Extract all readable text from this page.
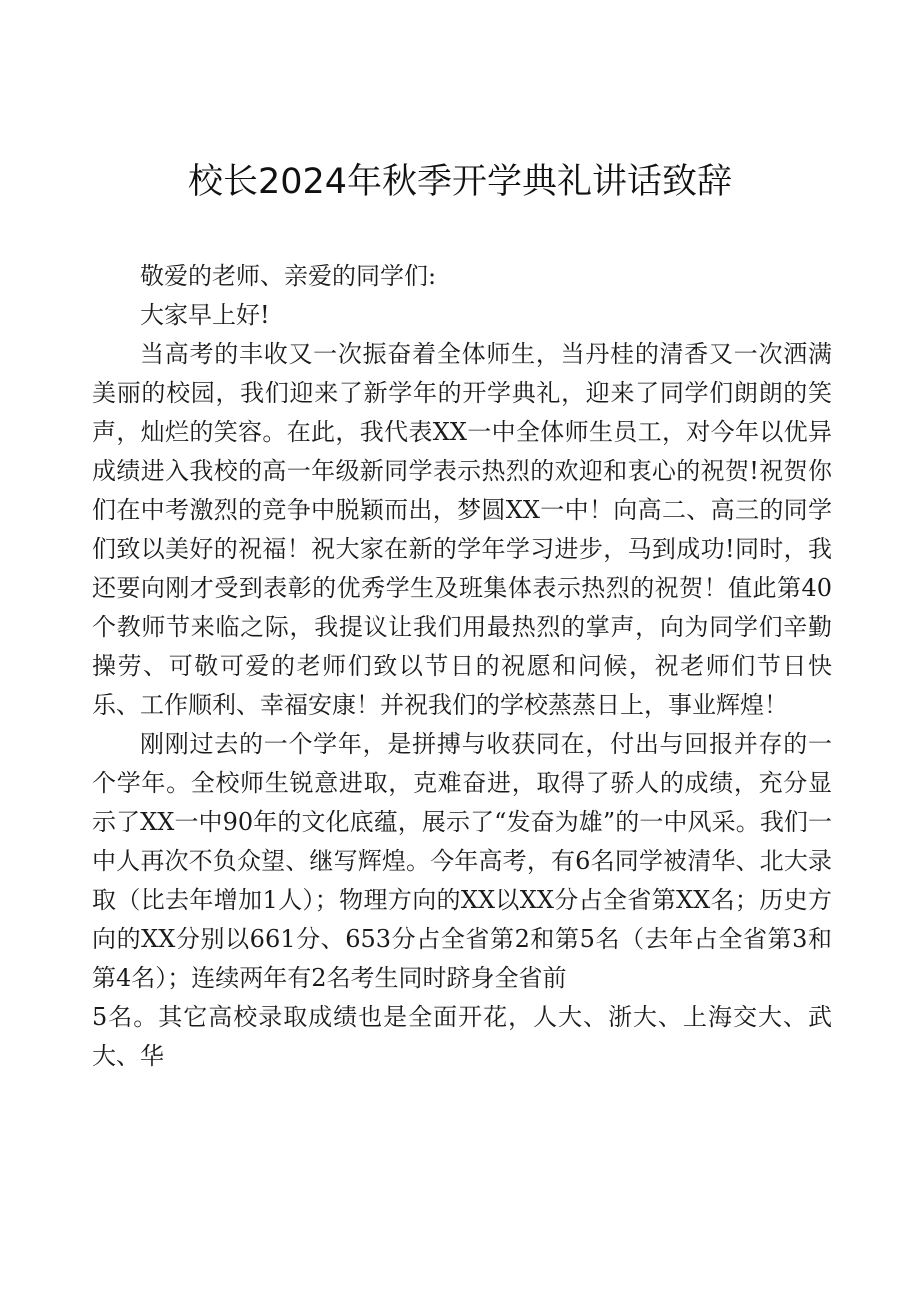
校长2024年秋季开学典礼讲话致辞

敬爱的老师、亲爱的同学们:

大家早上好!

当高考的丰收又一次振奋着全体师生，当丹桂的清香又一次洒满美丽的校园，我们迎来了新学年的开学典礼，迎来了同学们朗朗的笑声，灿烂的笑容。在此，我代表XX一中全体师生员工，对今年以优异成绩进入我校的高一年级新同学表示热烈的欢迎和衷心的祝贺!祝贺你们在中考激烈的竞争中脱颖而出，梦圆XX一中！向高二、高三的同学们致以美好的祝福！祝大家在新的学年学习进步，马到成功!同时，我还要向刚才受到表彰的优秀学生及班集体表示热烈的祝贺！值此第40个教师节来临之际，我提议让我们用最热烈的掌声，向为同学们辛勤操劳、可敬可爱的老师们致以节日的祝愿和问候，祝老师们节日快乐、工作顺利、幸福安康！并祝我们的学校蒸蒸日上，事业辉煌！

刚刚过去的一个学年，是拼搏与收获同在，付出与回报并存的一个学年。全校师生锐意进取，克难奋进，取得了骄人的成绩，充分显示了XX一中90年的文化底蕴，展示了“发奋为雄”的一中风采。我们一中人再次不负众望、继写辉煌。今年高考，有6名同学被清华、北大录取（比去年增加1人）；物理方向的XX以XX分占全省第XX名；历史方向的XX分别以661分、653分占全省第2和第5名（去年占全省第3和第4名）；连续两年有2名考生同时跻身全省前

5名。其它高校录取成绩也是全面开花，人大、浙大、上海交大、武大、华
